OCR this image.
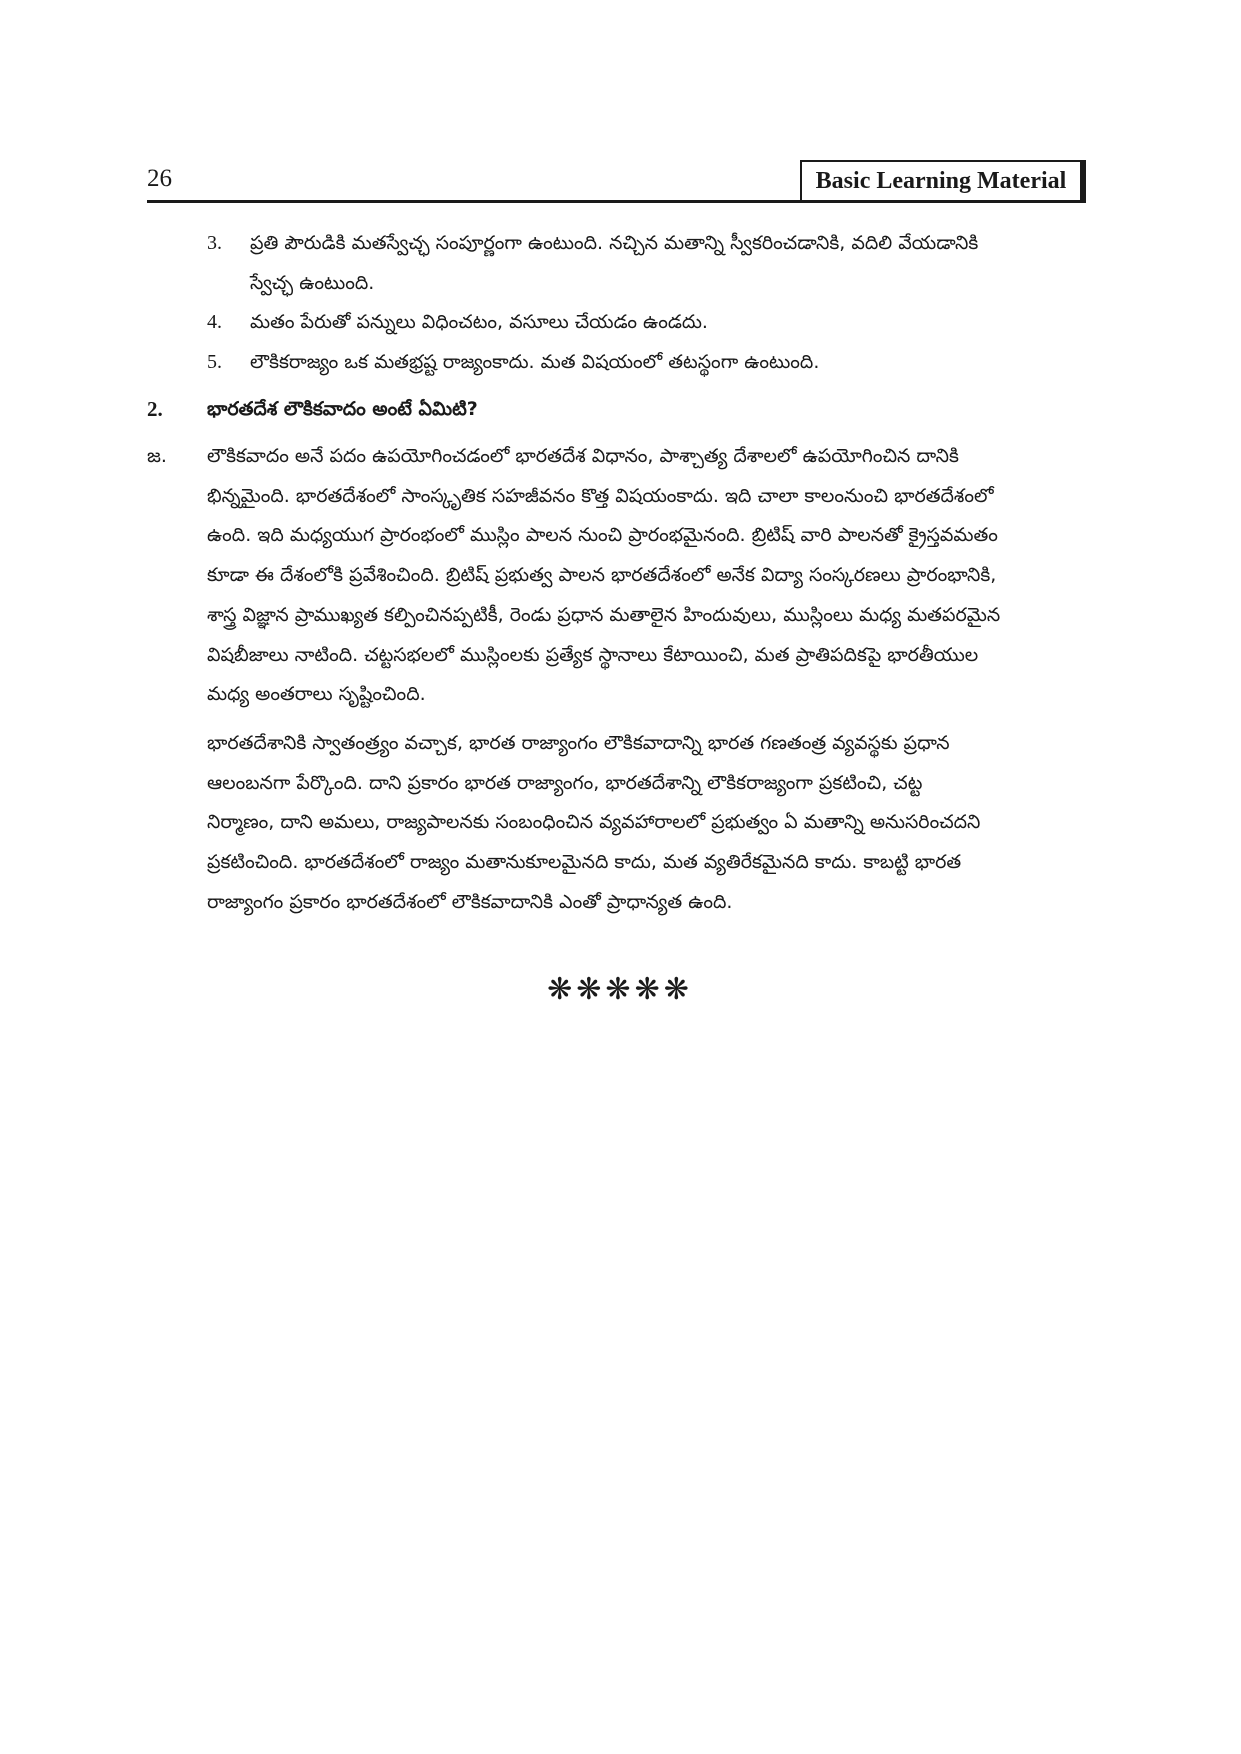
26	Basic Learning Material
3. ప్రతి పౌరుడికి మతస్వేచ్ఛ సంపూర్ణంగా ఉంటుంది. నచ్చిన మతాన్ని స్వీకరించడానికి, వదిలి వేయడానికి
స్వేచ్ఛ ఉంటుంది.
4. మతం పేరుతో పన్నులు విధించటం, వసూలు చేయడం ఉండదు.
5. లౌకికరాజ్యం ఒక మతభ్రష్ట రాజ్యంకాదు. మత విషయంలో తటస్థంగా ఉంటుంది.
2. భారతదేశ లౌకికవాదం అంటే ఏమిటి?
జ. లౌకికవాదం అనే పదం ఉపయోగించడంలో భారతదేశ విధానం, పాశ్చాత్య దేశాలలో ఉపయోగించిన దానికి
భిన్నమైంది. భారతదేశంలో సాంస్కృతిక సహజీవనం కొత్త విషయంకాదు. ఇది చాలా కాలంనుంచి భారతదేశంలో
ఉంది. ఇది మధ్యయుగ ప్రారంభంలో ముస్లిం పాలన నుంచి ప్రారంభమైనంది. బ్రిటిష్ వారి పాలనతో క్రైస్తవమతం
కూడా ఈ దేశంలోకి ప్రవేశించింది. బ్రిటిష్ ప్రభుత్వ పాలన భారతదేశంలో అనేక విద్యా సంస్కరణలు ప్రారంభానికి,
శాస్త్ర విజ్ఞాన ప్రాముఖ్యత కల్పించినప్పటికీ, రెండు ప్రధాన మతాలైన హిందువులు, ముస్లింలు మధ్య మతపరమైన
విషబీజాలు నాటింది. చట్టసభలలో ముస్లింలకు ప్రత్యేక స్థానాలు కేటాయించి, మత ప్రాతిపదికపై భారతీయుల
మధ్య అంతరాలు సృష్టించింది.
భారతదేశానికి స్వాతంత్ర్యం వచ్చాక, భారత రాజ్యాంగం లౌకికవాదాన్ని భారత గణతంత్ర వ్యవస్థకు ప్రధాన
ఆలంబనగా పేర్కొంది. దాని ప్రకారం భారత రాజ్యాంగం, భారతదేశాన్ని లౌకికరాజ్యంగా ప్రకటించి, చట్ట
నిర్మాణం, దాని అమలు, రాజ్యపాలనకు సంబంధించిన వ్యవహారాలలో ప్రభుత్వం ఏ మతాన్ని అనుసరించదని
ప్రకటించింది. భారతదేశంలో రాజ్యం మతానుకూలమైనది కాదు, మత వ్యతిరేకమైనది కాదు. కాబట్టి భారత
రాజ్యాంగం ప్రకారం భారతదేశంలో లౌకికవాదానికి ఎంతో ప్రాధాన్యత ఉంది.
❋❋❋❋❋
